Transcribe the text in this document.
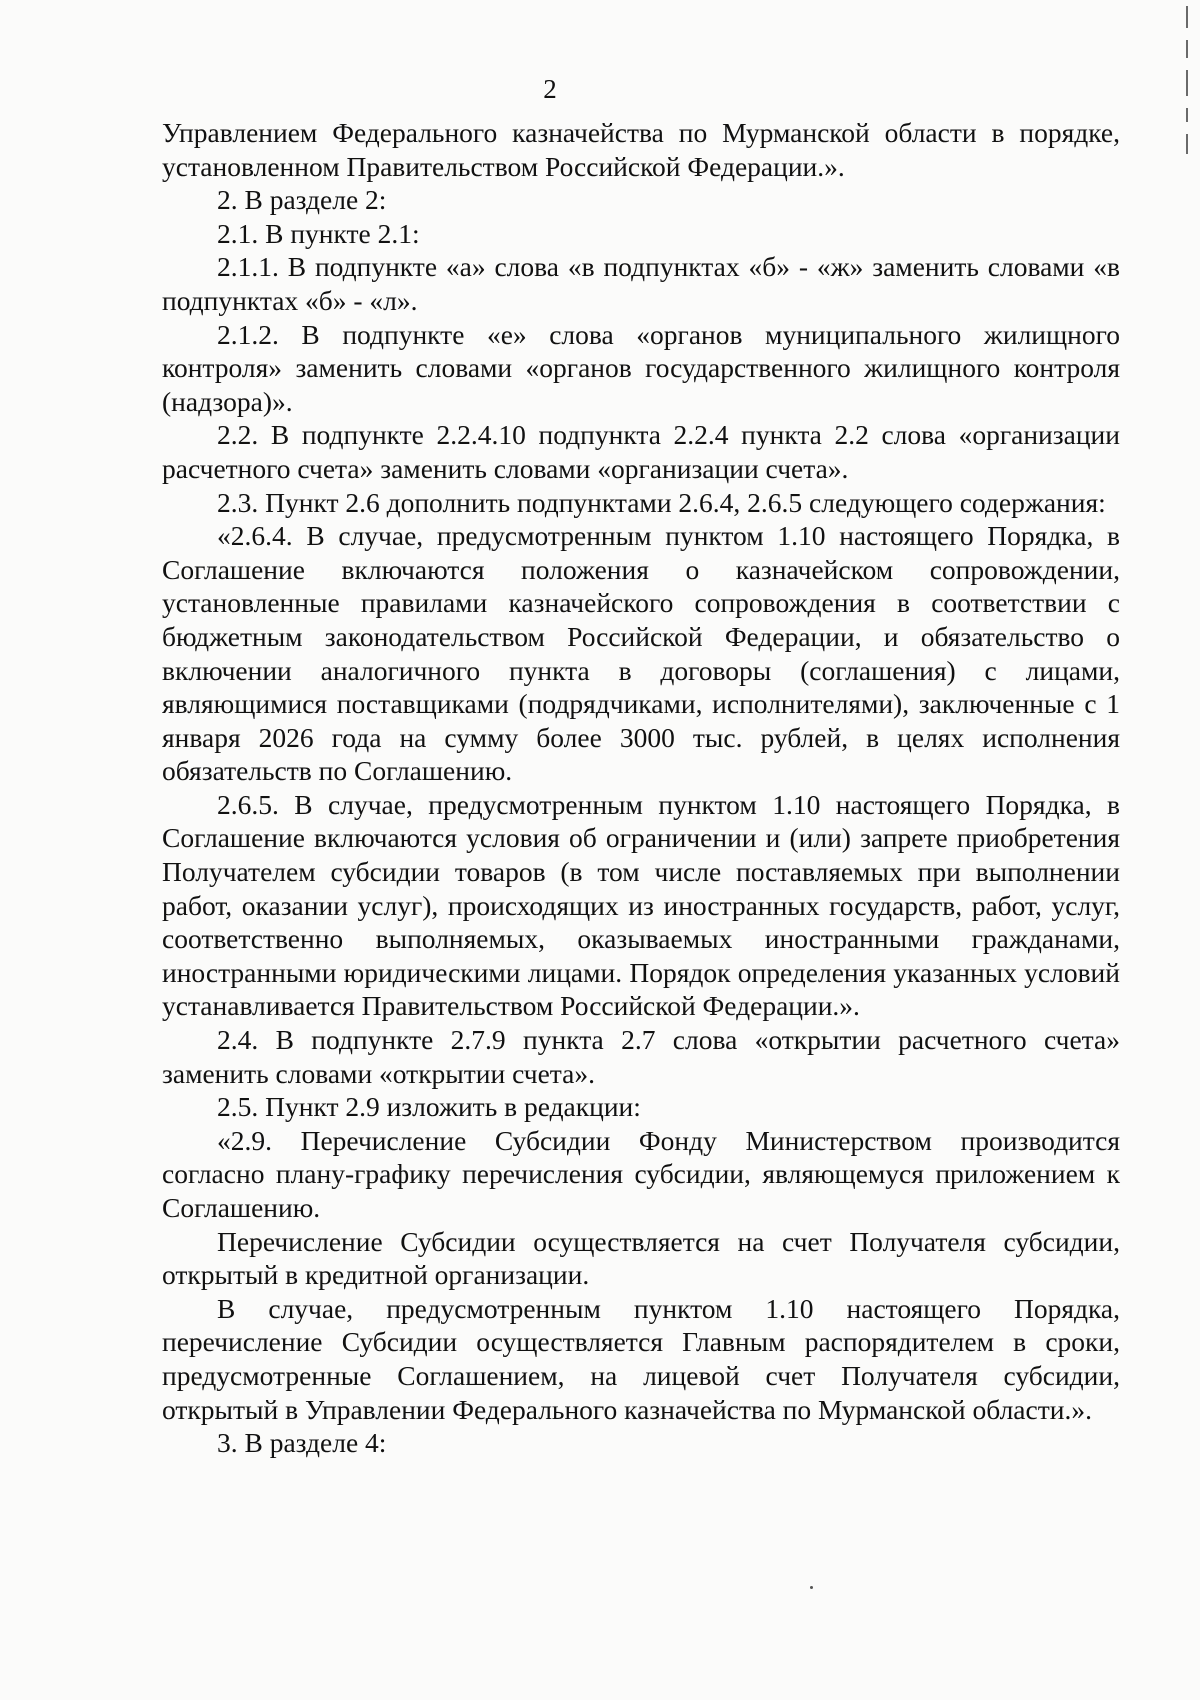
2

Управлением Федерального казначейства по Мурманской области в порядке, установленном Правительством Российской Федерации.».

2. В разделе 2:

2.1. В пункте 2.1:

2.1.1. В подпункте «а» слова «в подпунктах «б» - «ж» заменить словами «в подпунктах «б» - «л».

2.1.2. В подпункте «е» слова «органов муниципального жилищного контроля» заменить словами «органов государственного жилищного контроля (надзора)».

2.2. В подпункте 2.2.4.10 подпункта 2.2.4 пункта 2.2 слова «организации расчетного счета» заменить словами «организации счета».

2.3. Пункт 2.6 дополнить подпунктами 2.6.4, 2.6.5 следующего содержания:

«2.6.4. В случае, предусмотренным пунктом 1.10 настоящего Порядка, в Соглашение включаются положения о казначейском сопровождении, установленные правилами казначейского сопровождения в соответствии с бюджетным законодательством Российской Федерации, и обязательство о включении аналогичного пункта в договоры (соглашения) с лицами, являющимися поставщиками (подрядчиками, исполнителями), заключенные с 1 января 2026 года на сумму более 3000 тыс. рублей, в целях исполнения обязательств по Соглашению.

2.6.5. В случае, предусмотренным пунктом 1.10 настоящего Порядка, в Соглашение включаются условия об ограничении и (или) запрете приобретения Получателем субсидии товаров (в том числе поставляемых при выполнении работ, оказании услуг), происходящих из иностранных государств, работ, услуг, соответственно выполняемых, оказываемых иностранными гражданами, иностранными юридическими лицами. Порядок определения указанных условий устанавливается Правительством Российской Федерации.».

2.4. В подпункте 2.7.9 пункта 2.7 слова «открытии расчетного счета» заменить словами «открытии счета».

2.5. Пункт 2.9 изложить в редакции:

«2.9. Перечисление Субсидии Фонду Министерством производится согласно плану-графику перечисления субсидии, являющемуся приложением к Соглашению.

Перечисление Субсидии осуществляется на счет Получателя субсидии, открытый в кредитной организации.

В случае, предусмотренным пунктом 1.10 настоящего Порядка, перечисление Субсидии осуществляется Главным распорядителем в сроки, предусмотренные Соглашением, на лицевой счет Получателя субсидии, открытый в Управлении Федерального казначейства по Мурманской области.».

3. В разделе 4:
